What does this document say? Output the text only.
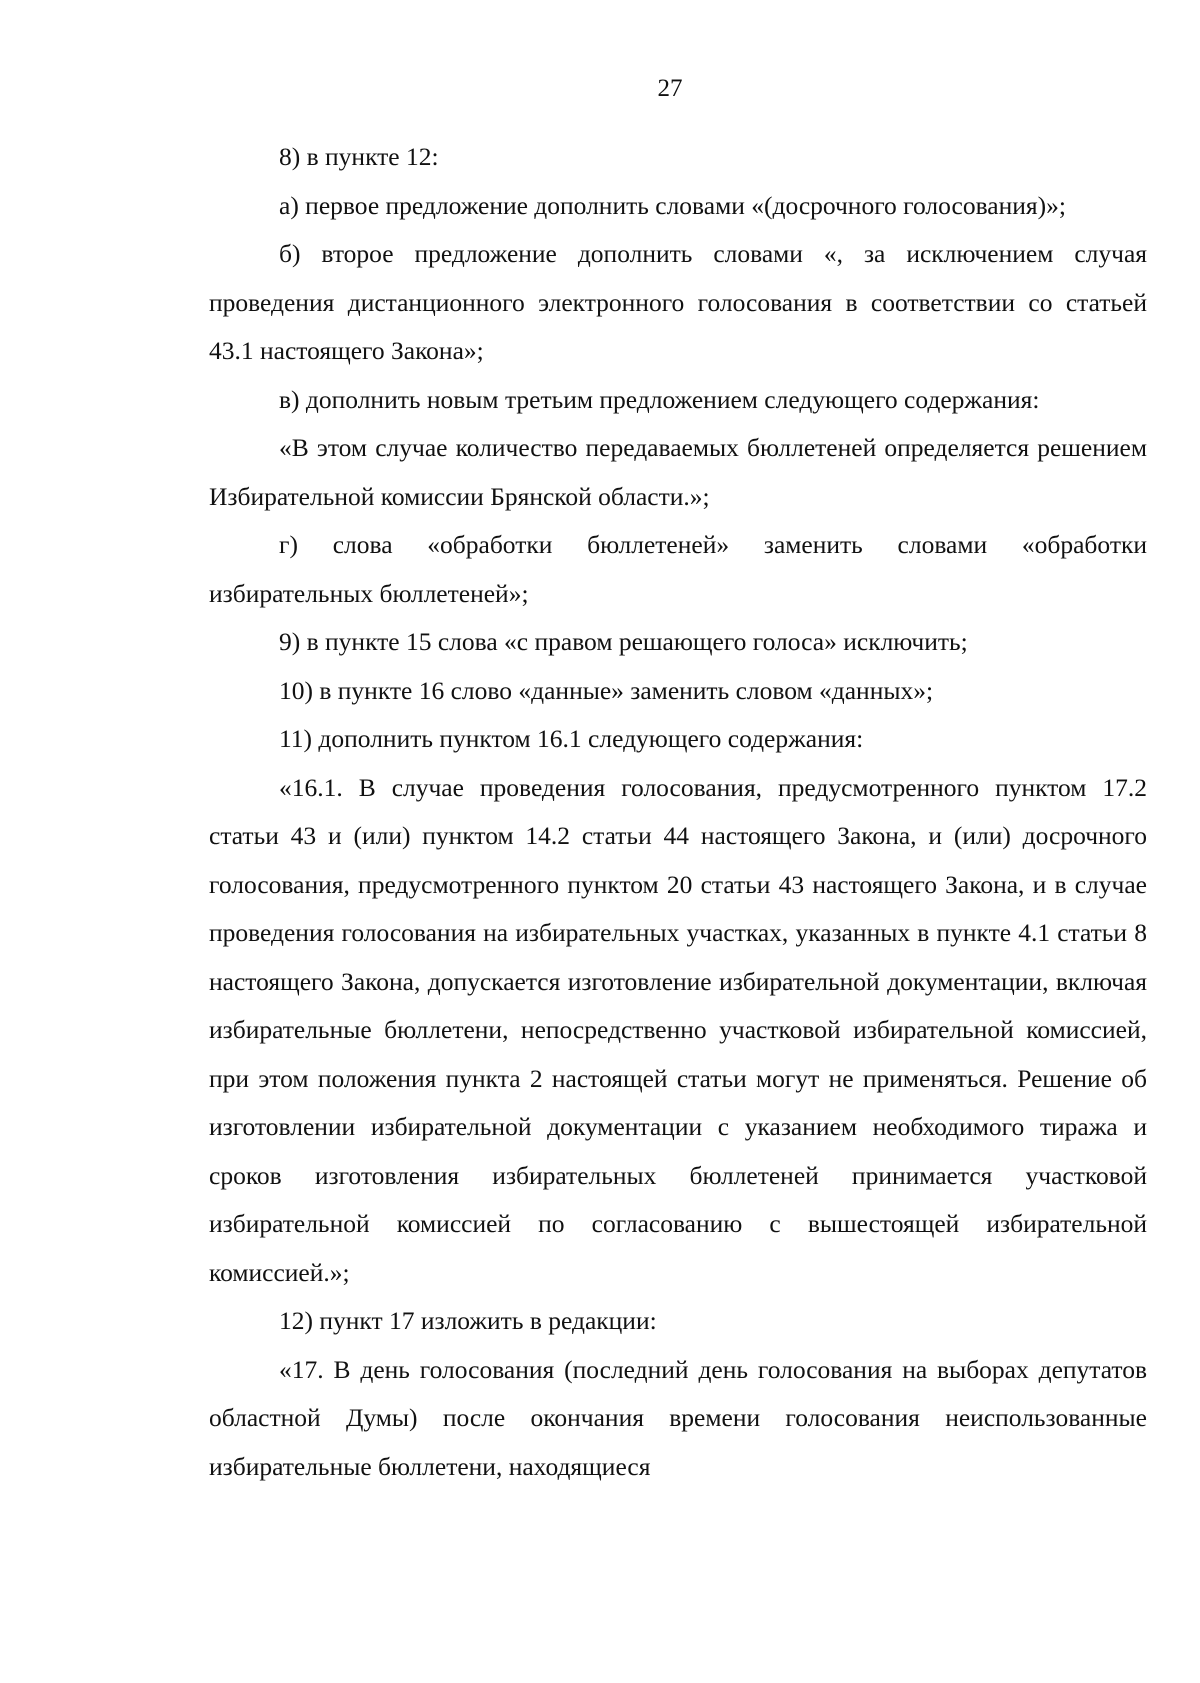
27

8) в пункте 12:

а) первое предложение дополнить словами «(досрочного голосования)»;

б) второе предложение дополнить словами «, за исключением случая проведения дистанционного электронного голосования в соответствии со статьей 43.1 настоящего Закона»;

в) дополнить новым третьим предложением следующего содержания:

«В этом случае количество передаваемых бюллетеней определяется решением Избирательной комиссии Брянской области.»;

г) слова «обработки бюллетеней» заменить словами «обработки избирательных бюллетеней»;

9) в пункте 15 слова «с правом решающего голоса» исключить;

10) в пункте 16 слово «данные» заменить словом «данных»;

11) дополнить пунктом 16.1 следующего содержания:

«16.1. В случае проведения голосования, предусмотренного пунктом 17.2 статьи 43 и (или) пунктом 14.2 статьи 44 настоящего Закона, и (или) досрочного голосования, предусмотренного пунктом 20 статьи 43 настоящего Закона, и в случае проведения голосования на избирательных участках, указанных в пункте 4.1 статьи 8 настоящего Закона, допускается изготовление избирательной документации, включая избирательные бюллетени, непосредственно участковой избирательной комиссией, при этом положения пункта 2 настоящей статьи могут не применяться. Решение об изготовлении избирательной документации с указанием необходимого тиража и сроков изготовления избирательных бюллетеней принимается участковой избирательной комиссией по согласованию с вышестоящей избирательной комиссией.»;

12) пункт 17 изложить в редакции:

«17. В день голосования (последний день голосования на выборах депутатов областной Думы) после окончания времени голосования неиспользованные избирательные бюллетени, находящиеся
